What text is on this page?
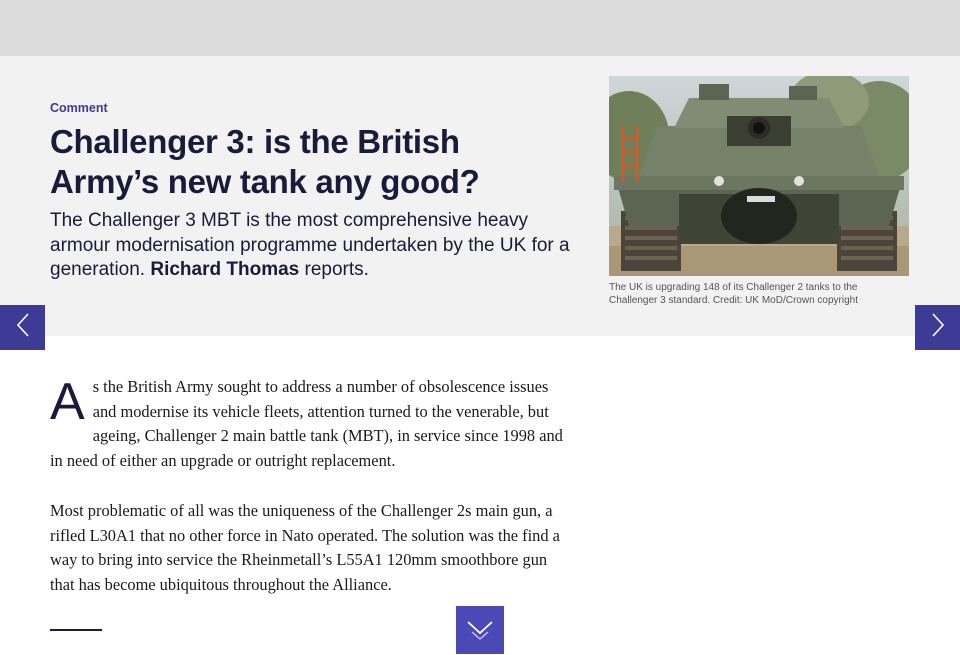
Comment
Challenger 3: is the British Army’s new tank any good?

The Challenger 3 MBT is the most comprehensive heavy armour modernisation programme undertaken by the UK for a generation. Richard Thomas reports.

The UK is upgrading 148 of its Challenger 2 tanks to the Challenger 3 standard. Credit: UK MoD/Crown copyright

As the British Army sought to address a number of obsolescence issues and modernise its vehicle fleets, attention turned to the venerable, but ageing, Challenger 2 main battle tank (MBT), in service since 1998 and in need of either an upgrade or outright replacement.

Most problematic of all was the uniqueness of the Challenger 2s main gun, a rifled L30A1 that no other force in Nato operated. The solution was the find a way to bring into service the Rheinmetall’s L55A1 120mm smoothbore gun that has become ubiquitous throughout the Alliance.
